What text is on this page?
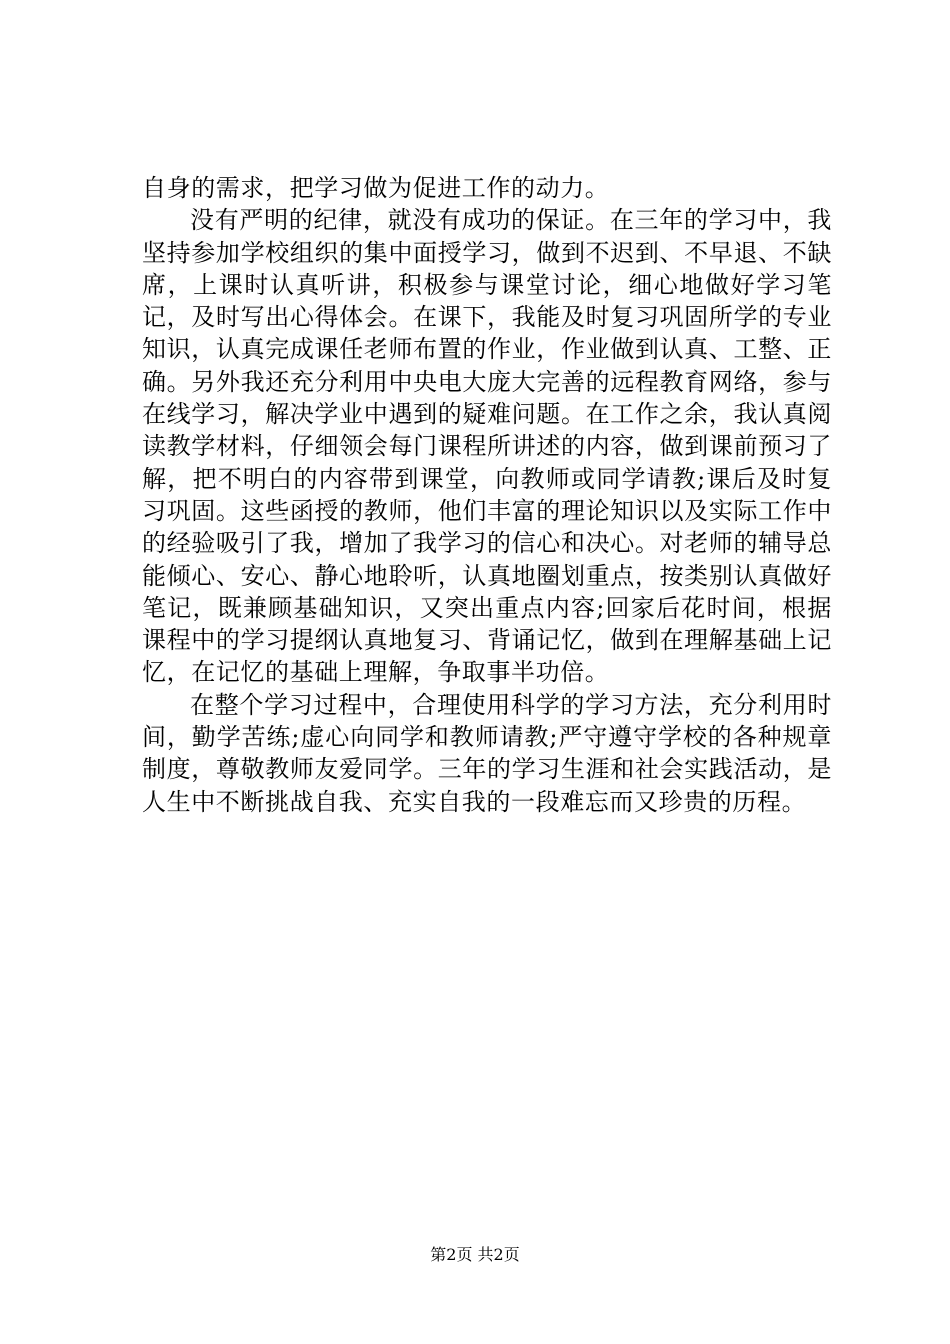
自身的需求，把学习做为促进工作的动力。

没有严明的纪律，就没有成功的保证。在三年的学习中，我坚持参加学校组织的集中面授学习，做到不迟到、不早退、不缺席，上课时认真听讲，积极参与课堂讨论，细心地做好学习笔记，及时写出心得体会。在课下，我能及时复习巩固所学的专业知识，认真完成课任老师布置的作业，作业做到认真、工整、正确。另外我还充分利用中央电大庞大完善的远程教育网络，参与在线学习，解决学业中遇到的疑难问题。在工作之余，我认真阅读教学材料，仔细领会每门课程所讲述的内容，做到课前预习了解，把不明白的内容带到课堂，向教师或同学请教;课后及时复习巩固。这些函授的教师，他们丰富的理论知识以及实际工作中的经验吸引了我，增加了我学习的信心和决心。对老师的辅导总能倾心、安心、静心地聆听，认真地圈划重点，按类别认真做好笔记，既兼顾基础知识，又突出重点内容;回家后花时间，根据课程中的学习提纲认真地复习、背诵记忆，做到在理解基础上记忆，在记忆的基础上理解，争取事半功倍。

在整个学习过程中，合理使用科学的学习方法，充分利用时间，勤学苦练;虚心向同学和教师请教;严守遵守学校的各种规章制度，尊敬教师友爱同学。三年的学习生涯和社会实践活动，是人生中不断挑战自我、充实自我的一段难忘而又珍贵的历程。

第2页 共2页
